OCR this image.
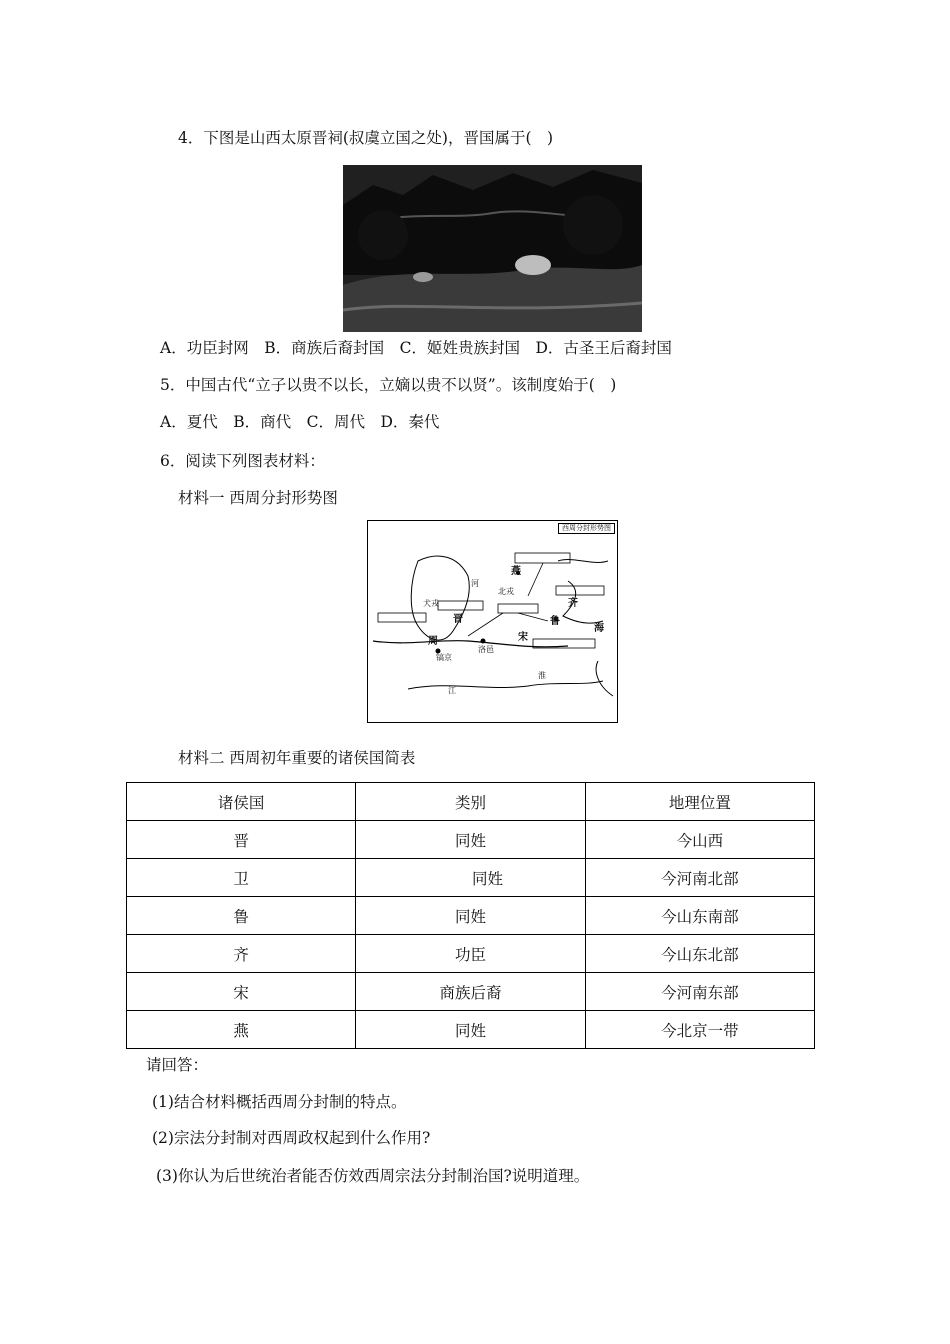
4．下图是山西太原晋祠(叔虞立国之处)，晋国属于(　)
A．功臣封网　B．商族后裔封国　C．姬姓贵族封国　D．古圣王后裔封国
5．中国古代“立子以贵不以长，立嫡以贵不以贤”。该制度始于(　)
A．夏代　B．商代　C．周代　D．秦代
6．阅读下列图表材料：
材料一 西周分封形势图
西周分封形势图
燕
犬戎
北戎
河
晋	鲁
齐
宋
周
镐京
洛邑
海
淮
江
材料二 西周初年重要的诸侯国简表
诸侯国	类别	地理位置
晋	同姓	今山西
卫	同姓	今河南北部
鲁	同姓	今山东南部
齐	功臣	今山东北部
宋	商族后裔	今河南东部
燕	同姓	今北京一带
请回答：
(1)结合材料概括西周分封制的特点。
(2)宗法分封制对西周政权起到什么作用?
(3)你认为后世统治者能否仿效西周宗法分封制治国?说明道理。
